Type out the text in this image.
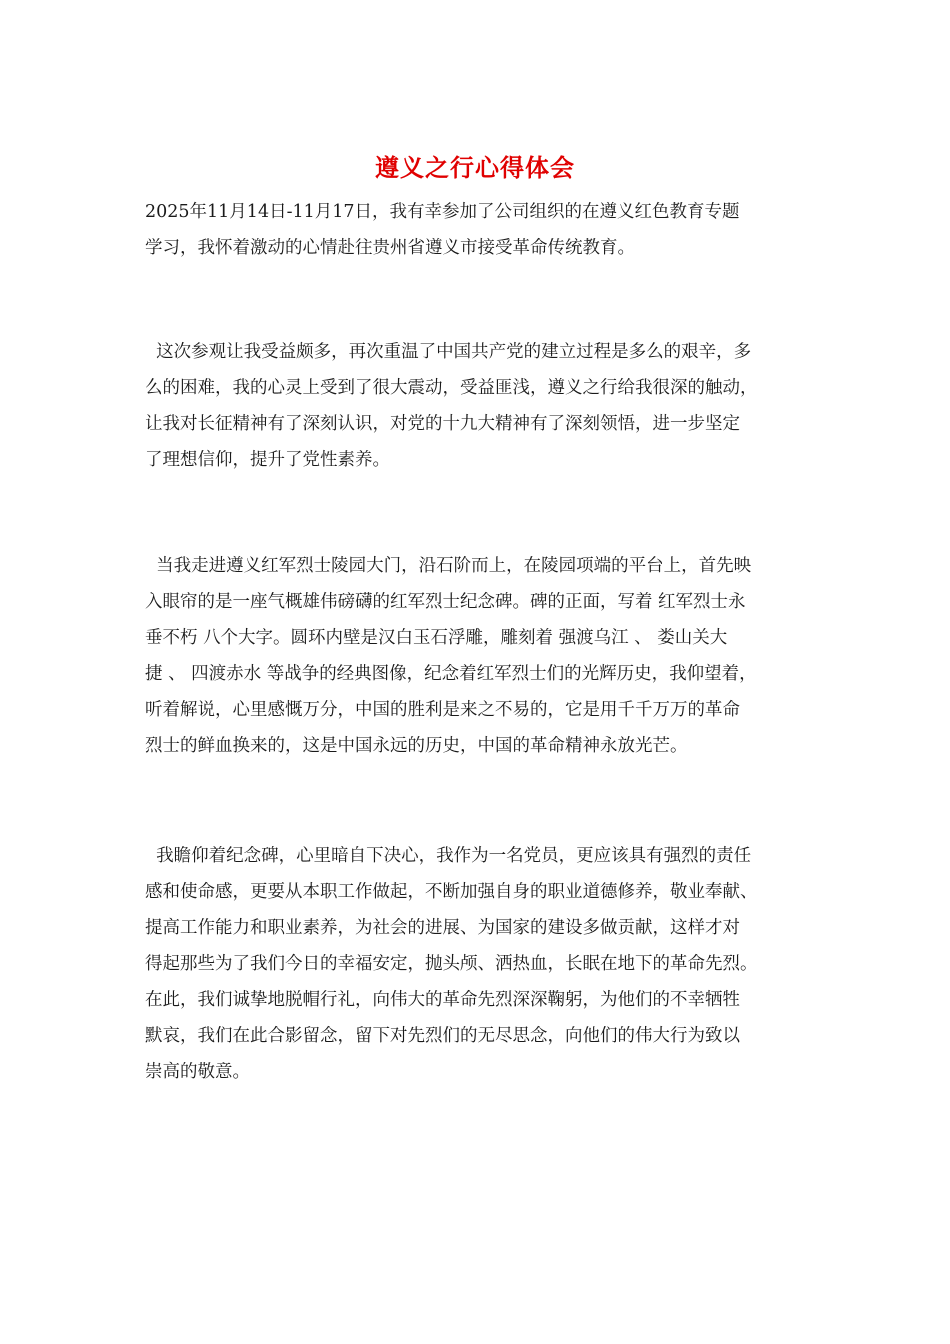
遵义之行心得体会
2025年11月14日-11月17日，我有幸参加了公司组织的在遵义红色教育专题
学习，我怀着激动的心情赴往贵州省遵义市接受革命传统教育。
这次参观让我受益颇多，再次重温了中国共产党的建立过程是多么的艰辛，多
么的困难，我的心灵上受到了很大震动，受益匪浅，遵义之行给我很深的触动，
让我对长征精神有了深刻认识，对党的十九大精神有了深刻领悟，进一步坚定
了理想信仰，提升了党性素养。
当我走进遵义红军烈士陵园大门，沿石阶而上，在陵园项端的平台上，首先映
入眼帘的是一座气概雄伟磅礴的红军烈士纪念碑。碑的正面，写着 红军烈士永
垂不朽 八个大字。圆环内壁是汉白玉石浮雕，雕刻着 强渡乌江 、 娄山关大
捷 、 四渡赤水 等战争的经典图像，纪念着红军烈士们的光辉历史，我仰望着，
听着解说，心里感慨万分，中国的胜利是来之不易的，它是用千千万万的革命
烈士的鲜血换来的，这是中国永远的历史，中国的革命精神永放光芒。
我瞻仰着纪念碑，心里暗自下决心，我作为一名党员，更应该具有强烈的责任
感和使命感，更要从本职工作做起，不断加强自身的职业道德修养，敬业奉献、
提高工作能力和职业素养，为社会的进展、为国家的建设多做贡献，这样才对
得起那些为了我们今日的幸福安定，抛头颅、洒热血，长眠在地下的革命先烈。
在此，我们诚挚地脱帽行礼，向伟大的革命先烈深深鞠躬，为他们的不幸牺牲
默哀，我们在此合影留念，留下对先烈们的无尽思念，向他们的伟大行为致以
崇高的敬意。
